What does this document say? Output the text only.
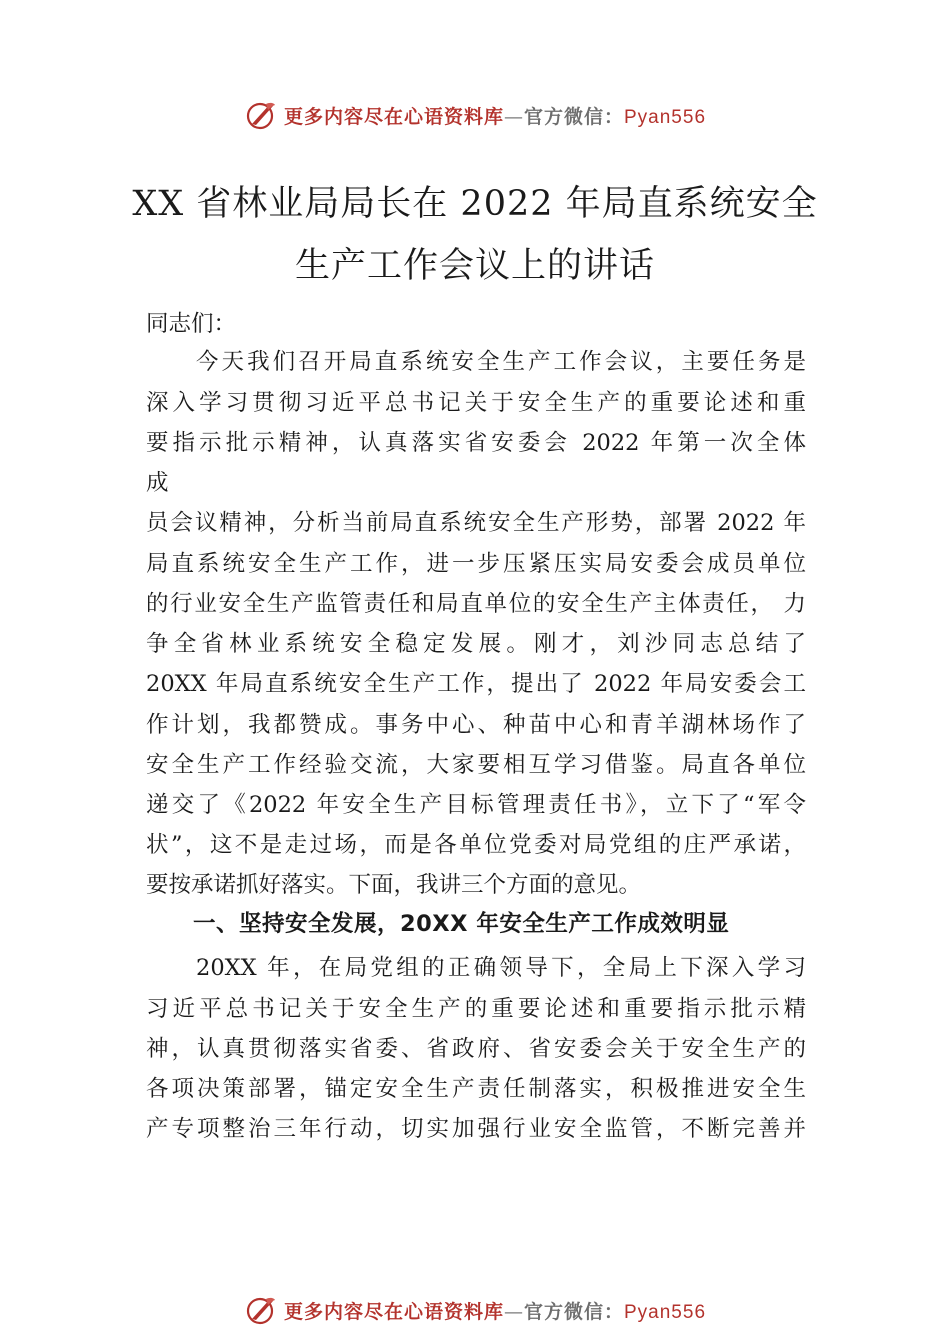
更多内容尽在心语资料库—官方微信：Pyan556
XX 省林业局局长在 2022 年局直系统安全
生产工作会议上的讲话
同志们：
今天我们召开局直系统安全生产工作会议，主要任务是
深入学习贯彻习近平总书记关于安全生产的重要论述和重
要指示批示精神，认真落实省安委会 2022 年第一次全体
成
员会议精神，分析当前局直系统安全生产形势，部署 2022 年
局直系统安全生产工作，进一步压紧压实局安委会成员单位
的行业安全生产监管责任和局直单位的安全生产主体责任， 力
争全省林业系统安全稳定发展。刚才，刘沙同志总结了
20XX 年局直系统安全生产工作，提出了 2022 年局安委会工
作计划，我都赞成。事务中心、种苗中心和青羊湖林场作了
安全生产工作经验交流，大家要相互学习借鉴。局直各单位
递交了《2022 年安全生产目标管理责任书》，立下了“军令
状”，这不是走过场，而是各单位党委对局党组的庄严承诺，
要按承诺抓好落实。下面，我讲三个方面的意见。
一、坚持安全发展，20XX 年安全生产工作成效明显
20XX 年，在局党组的正确领导下，全局上下深入学习
习近平总书记关于安全生产的重要论述和重要指示批示精
神，认真贯彻落实省委、省政府、省安委会关于安全生产的
各项决策部署，锚定安全生产责任制落实，积极推进安全生
产专项整治三年行动，切实加强行业安全监管，不断完善并
更多内容尽在心语资料库—官方微信：Pyan556
